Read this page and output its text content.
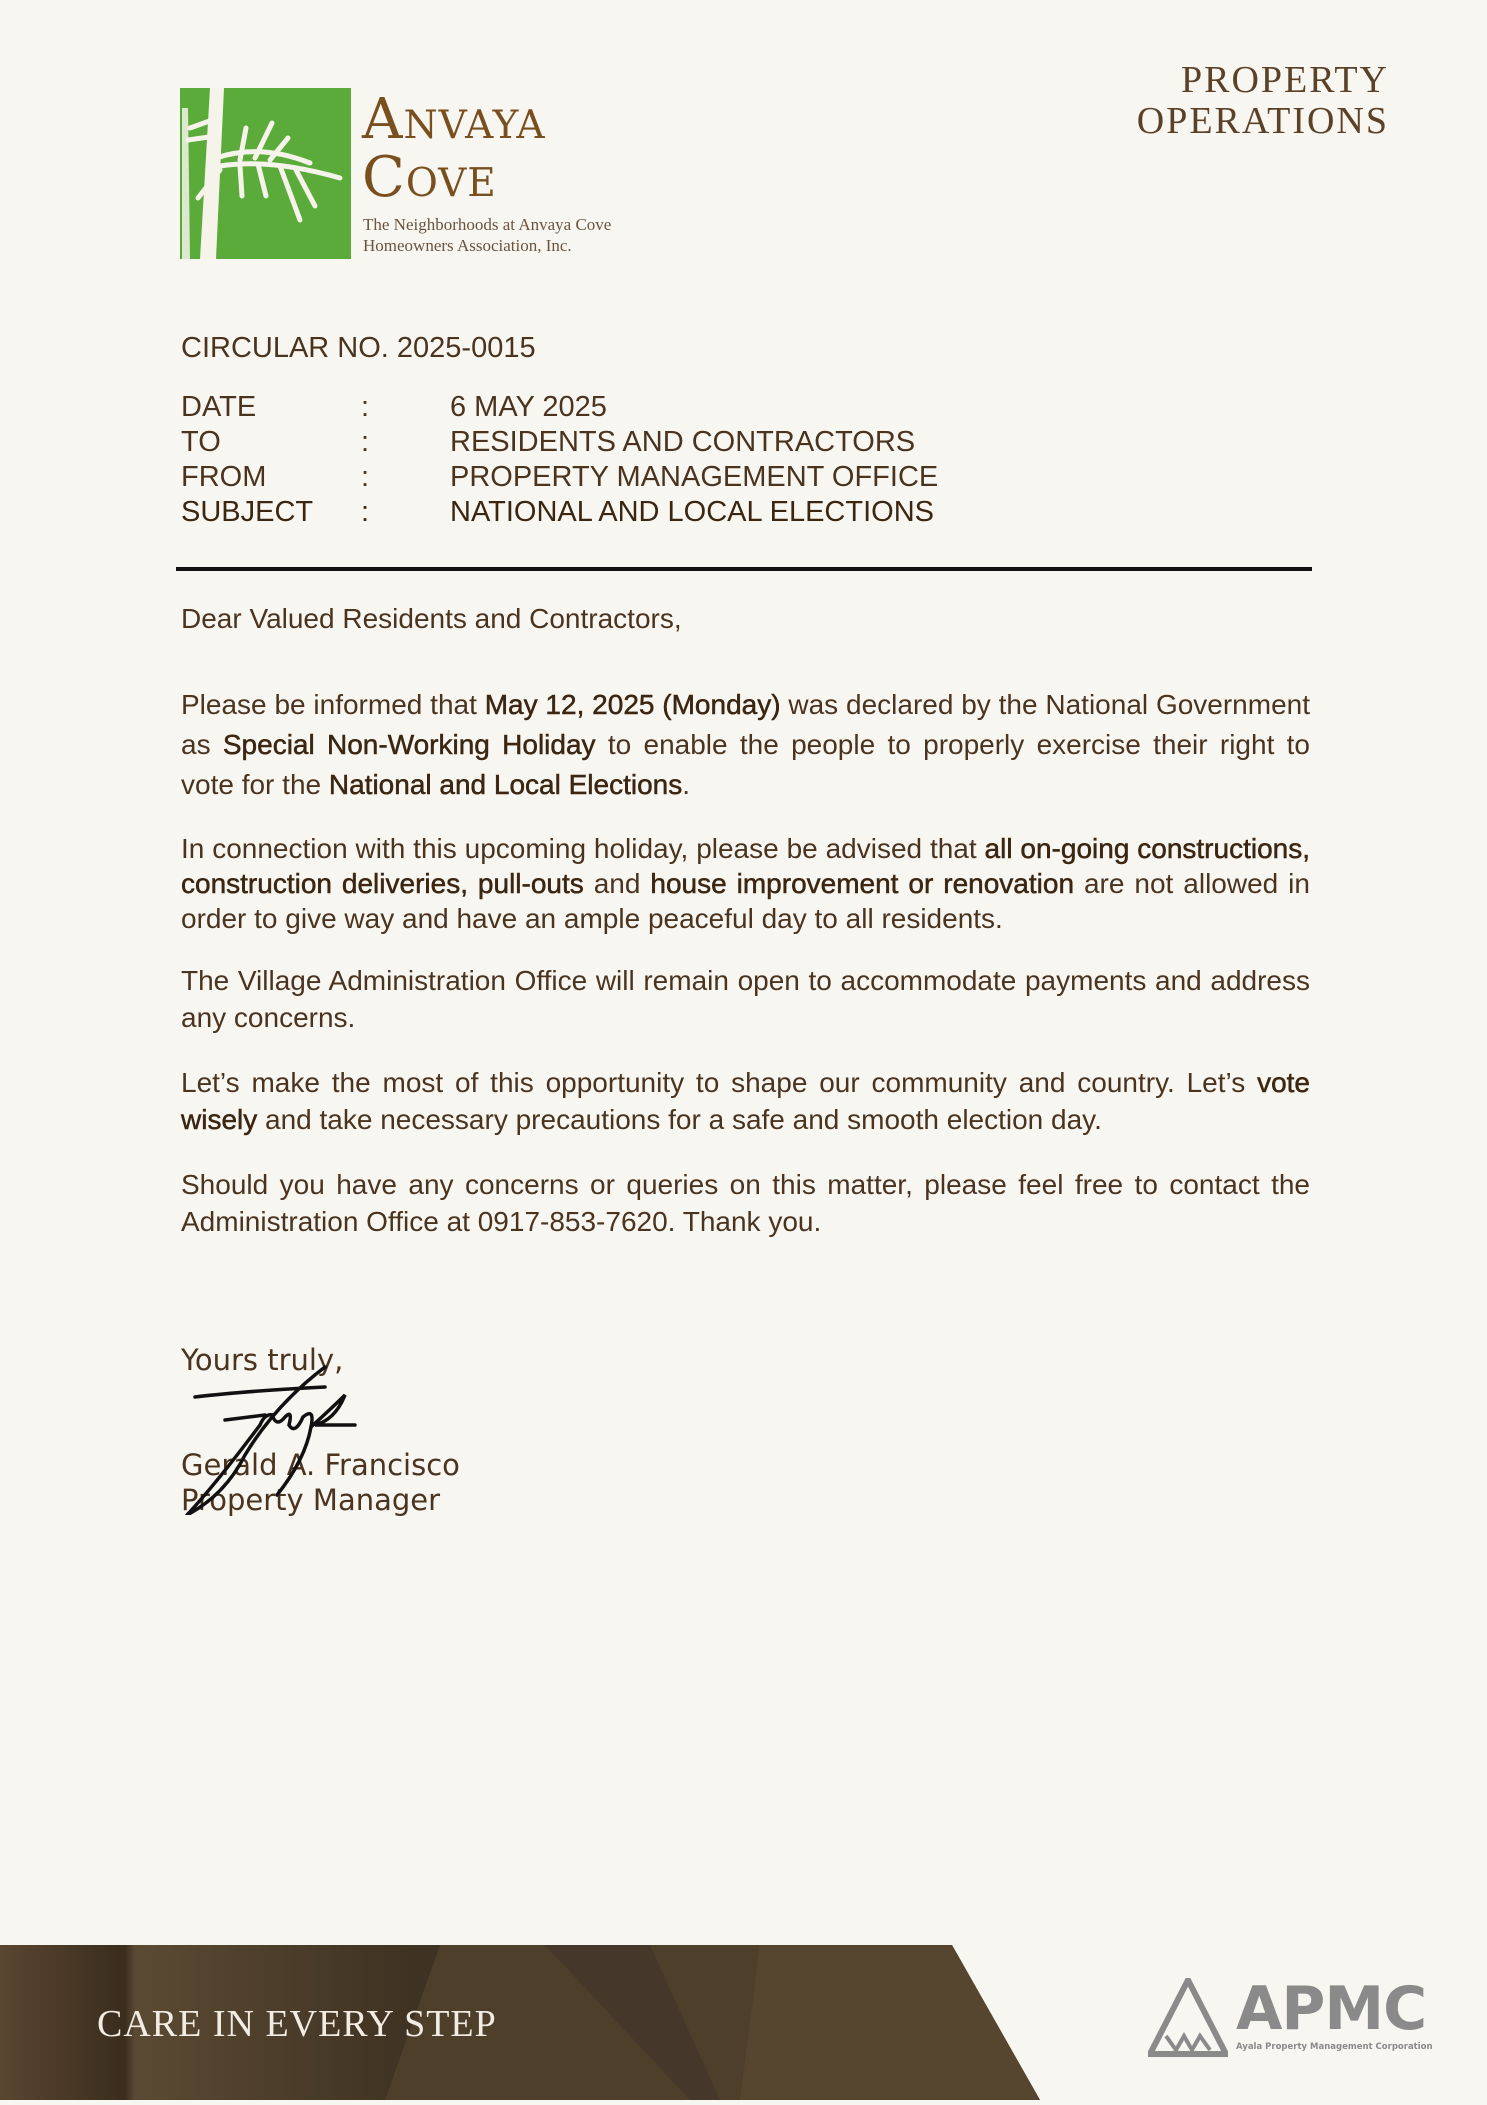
Anvaya
Cove
The Neighborhoods at Anvaya Cove
Homeowners Association, Inc.
PROPERTY
OPERATIONS
CIRCULAR NO. 2025-0015
DATE	:	6 MAY 2025
TO	:	RESIDENTS AND CONTRACTORS
FROM	:	PROPERTY MANAGEMENT OFFICE
SUBJECT	:	NATIONAL AND LOCAL ELECTIONS

Dear Valued Residents and Contractors,

Please be informed that May 12, 2025 (Monday) was declared by the National Government as Special Non-Working Holiday to enable the people to properly exercise their right to vote for the National and Local Elections.

In connection with this upcoming holiday, please be advised that all on-going constructions, construction deliveries, pull-outs and house improvement or renovation are not allowed in order to give way and have an ample peaceful day to all residents.

The Village Administration Office will remain open to accommodate payments and address any concerns.

Let’s make the most of this opportunity to shape our community and country. Let’s vote wisely and take necessary precautions for a safe and smooth election day.

Should you have any concerns or queries on this matter, please feel free to contact the Administration Office at 0917-853-7620. Thank you.

Yours truly,
Gerald A. Francisco
Property Manager
CARE IN EVERY STEP	APMC
Ayala Property Management Corporation
